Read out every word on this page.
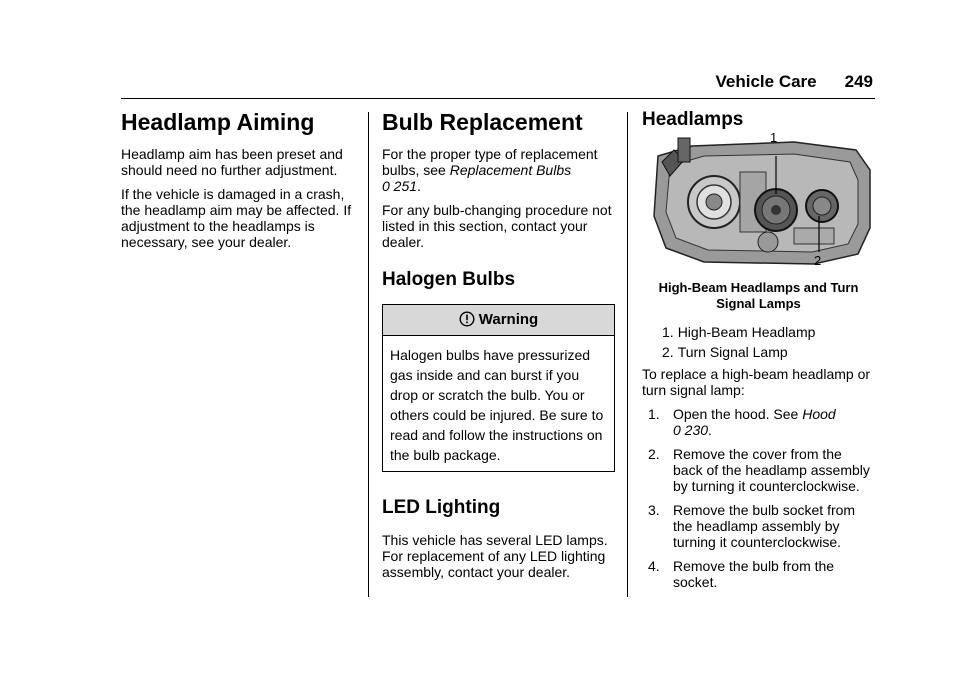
Vehicle Care 249
Headlamp Aiming

Headlamp aim has been preset and should need no further adjustment.

If the vehicle is damaged in a crash, the headlamp aim may be affected. If adjustment to the headlamps is necessary, see your dealer.

Bulb Replacement

For the proper type of replacement bulbs, see Replacement Bulbs
0 251.

For any bulb-changing procedure not listed in this section, contact your dealer.

Halogen Bulbs
Warning
Halogen bulbs have pressurized gas inside and can burst if you drop or scratch the bulb. You or others could be injured. Be sure to read and follow the instructions on the bulb package.
LED Lighting

This vehicle has several LED lamps. For replacement of any LED lighting assembly, contact your dealer.

Headlamps
1
2
High-Beam Headlamps and Turn Signal Lamps
1. High-Beam Headlamp
2. Turn Signal Lamp

To replace a high-beam headlamp or turn signal lamp:

1. Open the hood. See Hood
0 230.
2. Remove the cover from the back of the headlamp assembly by turning it counterclockwise.
3. Remove the bulb socket from the headlamp assembly by turning it counterclockwise.
4. Remove the bulb from the socket.
